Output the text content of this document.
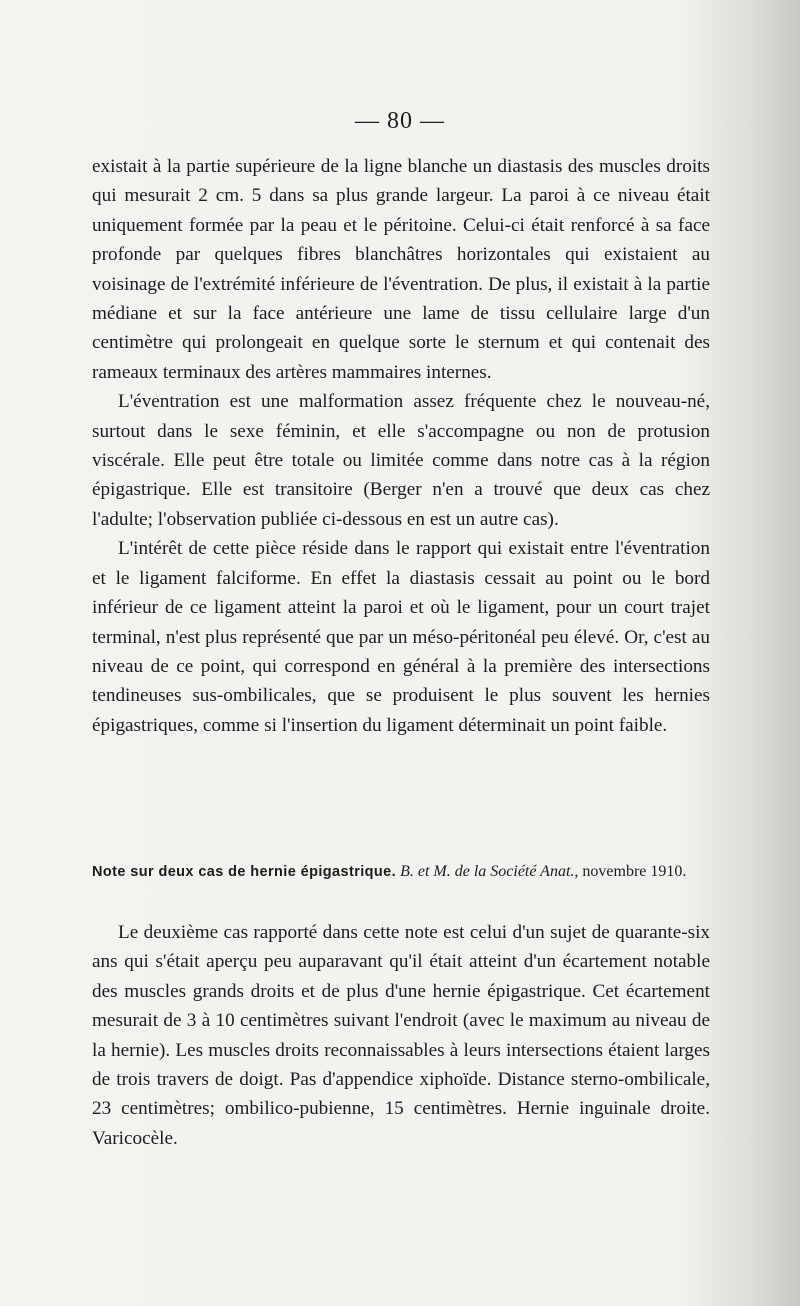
— 80 —

existait à la partie supérieure de la ligne blanche un diastasis des muscles droits qui mesurait 2 cm. 5 dans sa plus grande largeur. La paroi à ce niveau était uniquement formée par la peau et le péritoine. Celui-ci était renforcé à sa face profonde par quelques fibres blanchâtres horizontales qui existaient au voisinage de l'extrémité inférieure de l'éventration. De plus, il existait à la partie médiane et sur la face antérieure une lame de tissu cellulaire large d'un centimètre qui prolongeait en quelque sorte le sternum et qui contenait des rameaux terminaux des artères mammaires internes.

L'éventration est une malformation assez fréquente chez le nouveau-né, surtout dans le sexe féminin, et elle s'accompagne ou non de protusion viscérale. Elle peut être totale ou limitée comme dans notre cas à la région épigastrique. Elle est transitoire (Berger n'en a trouvé que deux cas chez l'adulte; l'observation publiée ci-dessous en est un autre cas).

L'intérêt de cette pièce réside dans le rapport qui existait entre l'éventration et le ligament falciforme. En effet la diastasis cessait au point ou le bord inférieur de ce ligament atteint la paroi et où le ligament, pour un court trajet terminal, n'est plus représenté que par un méso-péritonéal peu élevé. Or, c'est au niveau de ce point, qui correspond en général à la première des intersections tendineuses sus-ombilicales, que se produisent le plus souvent les hernies épigastriques, comme si l'insertion du ligament déterminait un point faible.

Note sur deux cas de hernie épigastrique. B. et M. de la Société Anat., novembre 1910.

Le deuxième cas rapporté dans cette note est celui d'un sujet de quarante-six ans qui s'était aperçu peu auparavant qu'il était atteint d'un écartement notable des muscles grands droits et de plus d'une hernie épigastrique. Cet écartement mesurait de 3 à 10 centimètres suivant l'endroit (avec le maximum au niveau de la hernie). Les muscles droits reconnaissables à leurs intersections étaient larges de trois travers de doigt. Pas d'appendice xiphoïde. Distance sterno-ombilicale, 23 centimètres; ombilico-pubienne, 15 centimètres. Hernie inguinale droite. Varicocèle.
